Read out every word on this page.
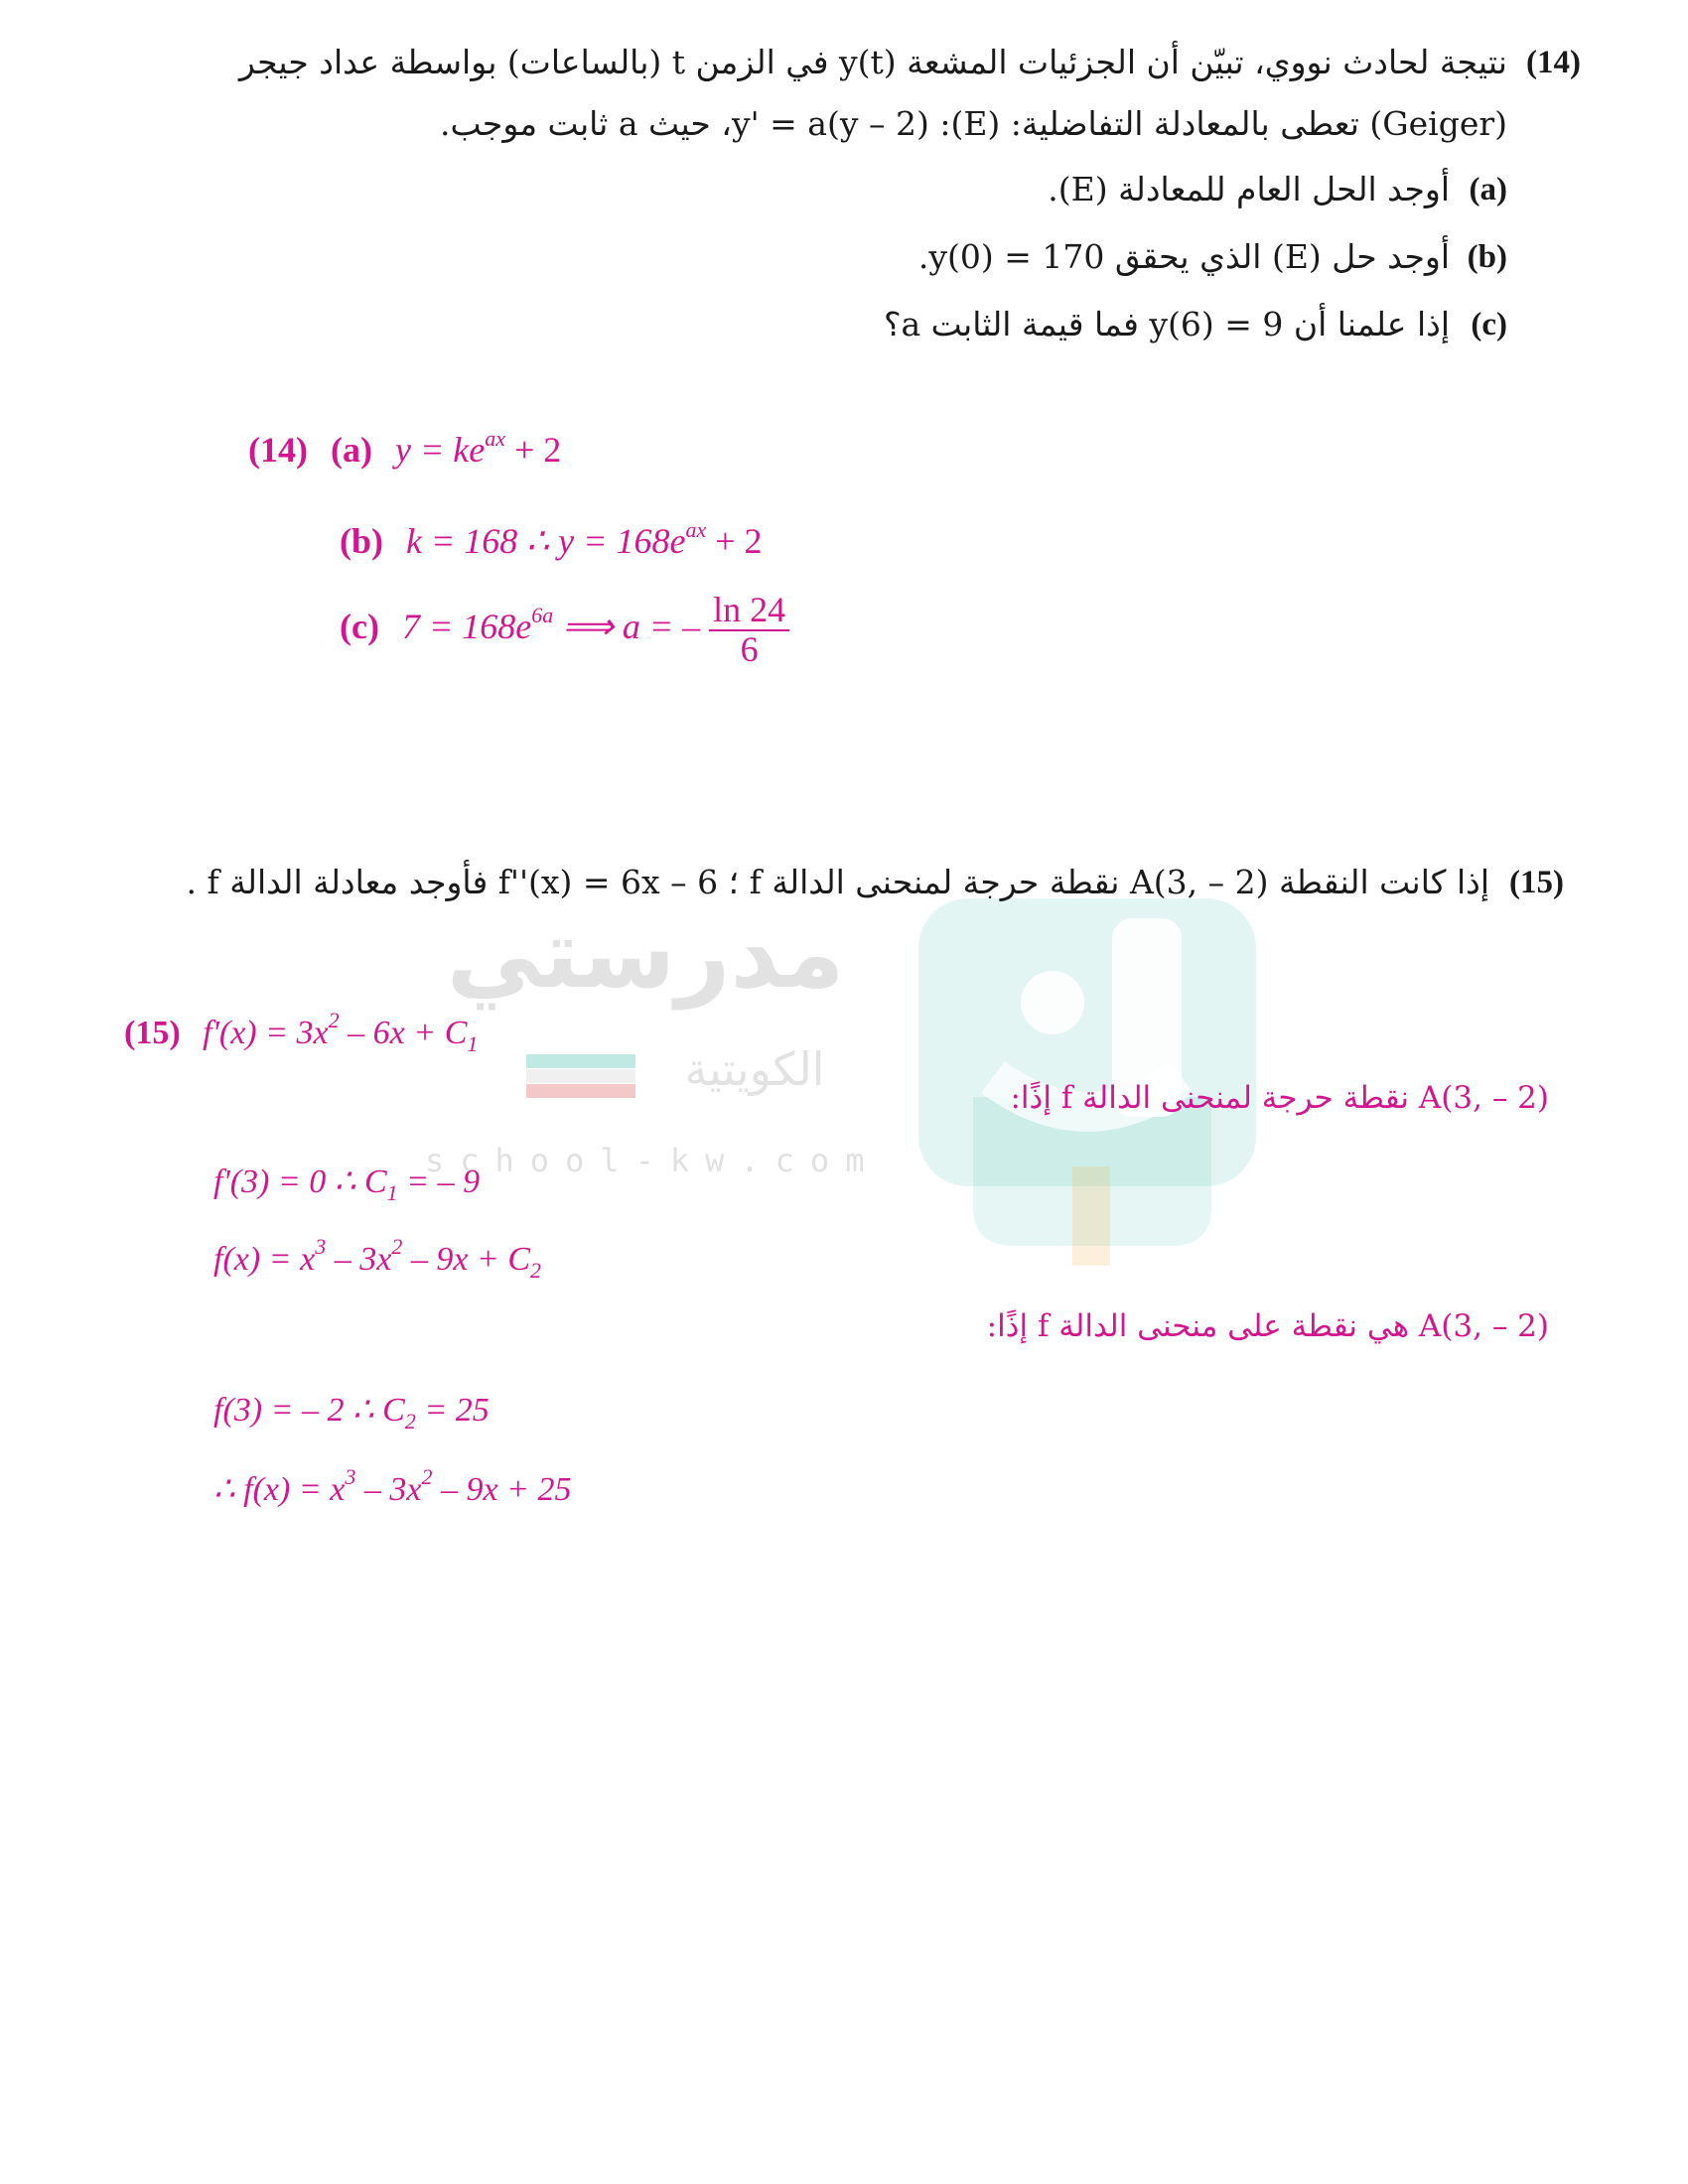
مدرستي
الكويتية
school-kw.com
(14)
نتيجة لحادث نووي، تبيّن أن الجزئيات المشعة y(t) في الزمن t (بالساعات) بواسطة عداد جيجر
(Geiger) تعطى بالمعادلة التفاضلية: (E): y' = a(y – 2)، حيث a ثابت موجب.
(a)
أوجد الحل العام للمعادلة (E).
(b)
أوجد حل (E) الذي يحقق y(0) = 170.
(c)
إذا علمنا أن y(6) = 9 فما قيمة الثابت a؟
(14) (a) $y = ke^{ax} + 2$
(b) k = 168 ∴ $y = 168e^{ax} + 2$
(c) $7 = 168e^{6a}$ ⟹ a = – $\frac{\ln 24}{6}$
(15)
إذا كانت النقطة A(3, – 2) نقطة حرجة لمنحنى الدالة f ؛ f''(x) = 6x – 6 فأوجد معادلة الدالة f .
(15) $f'(x) = 3x^2 - 6x + C_1$
A(3, – 2) نقطة حرجة لمنحنى الدالة f إذًا:
f'(3) = 0 ∴ $C_1$ = – 9
$f(x) = x^3 - 3x^2 - 9x + C_2$
A(3, – 2) هي نقطة على منحنى الدالة f إذًا:
f(3) = – 2 ∴ $C_2 = 25$
∴ $f(x) = x^3 - 3x^2 - 9x + 25$
